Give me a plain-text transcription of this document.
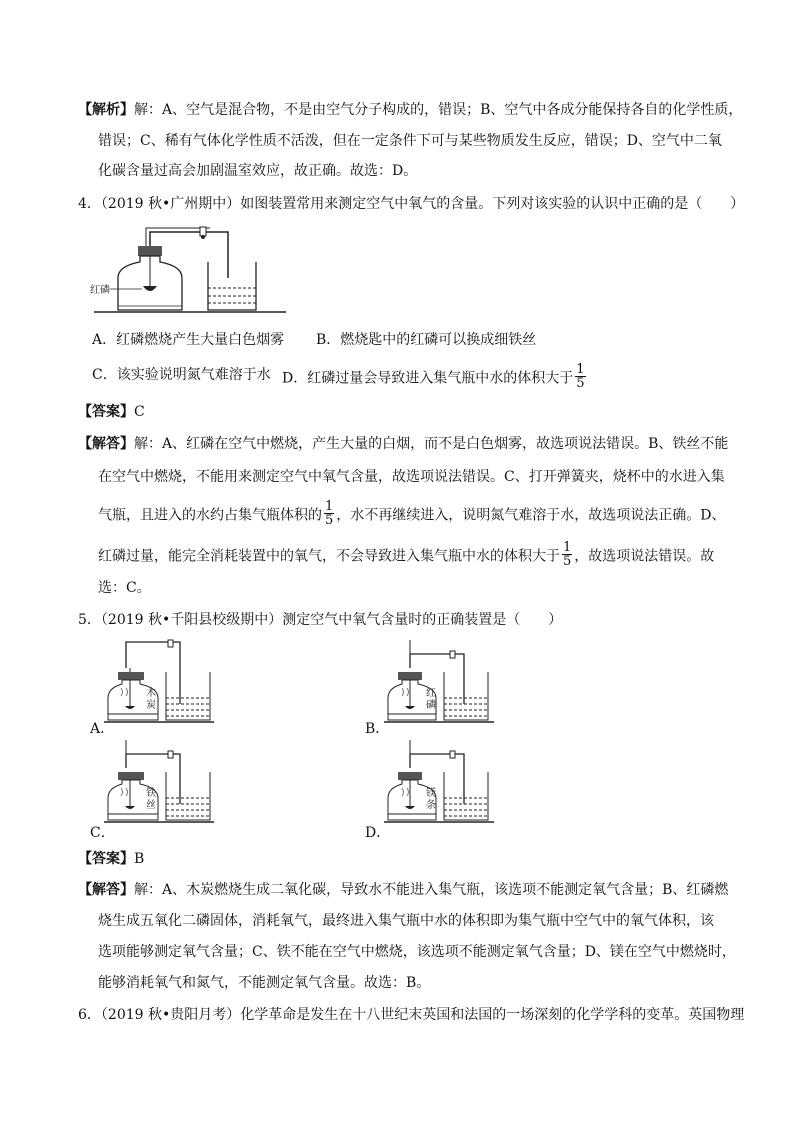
【解析】解：A、空气是混合物，不是由空气分子构成的，错误；B、空气中各成分能保持各自的化学性质，
错误；C、稀有气体化学性质不活泼，但在一定条件下可与某些物质发生反应，错误；D、空气中二氧
化碳含量过高会加剧温室效应，故正确。故选：D。
4．（2019 秋•广州期中）如图装置常用来测定空气中氧气的含量。下列对该实验的认识中正确的是（　　）
红磷
A．红磷燃烧产生大量白色烟雾 B．燃烧匙中的红磷可以换成细铁丝
C．该实验说明氮气难溶于水 D．红磷过量会导致进入集气瓶中水的体积大于 $\frac{1}{5}$
【答案】C
【解答】解：A、红磷在空气中燃烧，产生大量的白烟，而不是白色烟雾，故选项说法错误。B、铁丝不能
在空气中燃烧，不能用来测定空气中氧气含量，故选项说法错误。C、打开弹簧夹，烧杯中的水进入集
气瓶，且进入的水约占集气瓶体积的 $\frac{1}{5}$ ，水不再继续进入，说明氮气难溶于水，故选项说法正确。D、
红磷过量，能完全消耗装置中的氧气，不会导致进入集气瓶中水的体积大于 $\frac{1}{5}$ ，故选项说法错误。故
选：C。
5．（2019 秋•千阳县校级期中）测定空气中氧气含量时的正确装置是（　　）
木
炭
红
磷
铁
丝
镁
条
A．	B．
C．	D．
【答案】B
【解答】解：A、木炭燃烧生成二氧化碳，导致水不能进入集气瓶，该选项不能测定氧气含量；B、红磷燃
烧生成五氧化二磷固体，消耗氧气，最终进入集气瓶中水的体积即为集气瓶中空气中的氧气体积，该
选项能够测定氧气含量；C、铁不能在空气中燃烧，该选项不能测定氧气含量；D、镁在空气中燃烧时，
能够消耗氧气和氮气，不能测定氧气含量。故选：B。
6．（2019 秋•贵阳月考）化学革命是发生在十八世纪末英国和法国的一场深刻的化学学科的变革。英国物理
